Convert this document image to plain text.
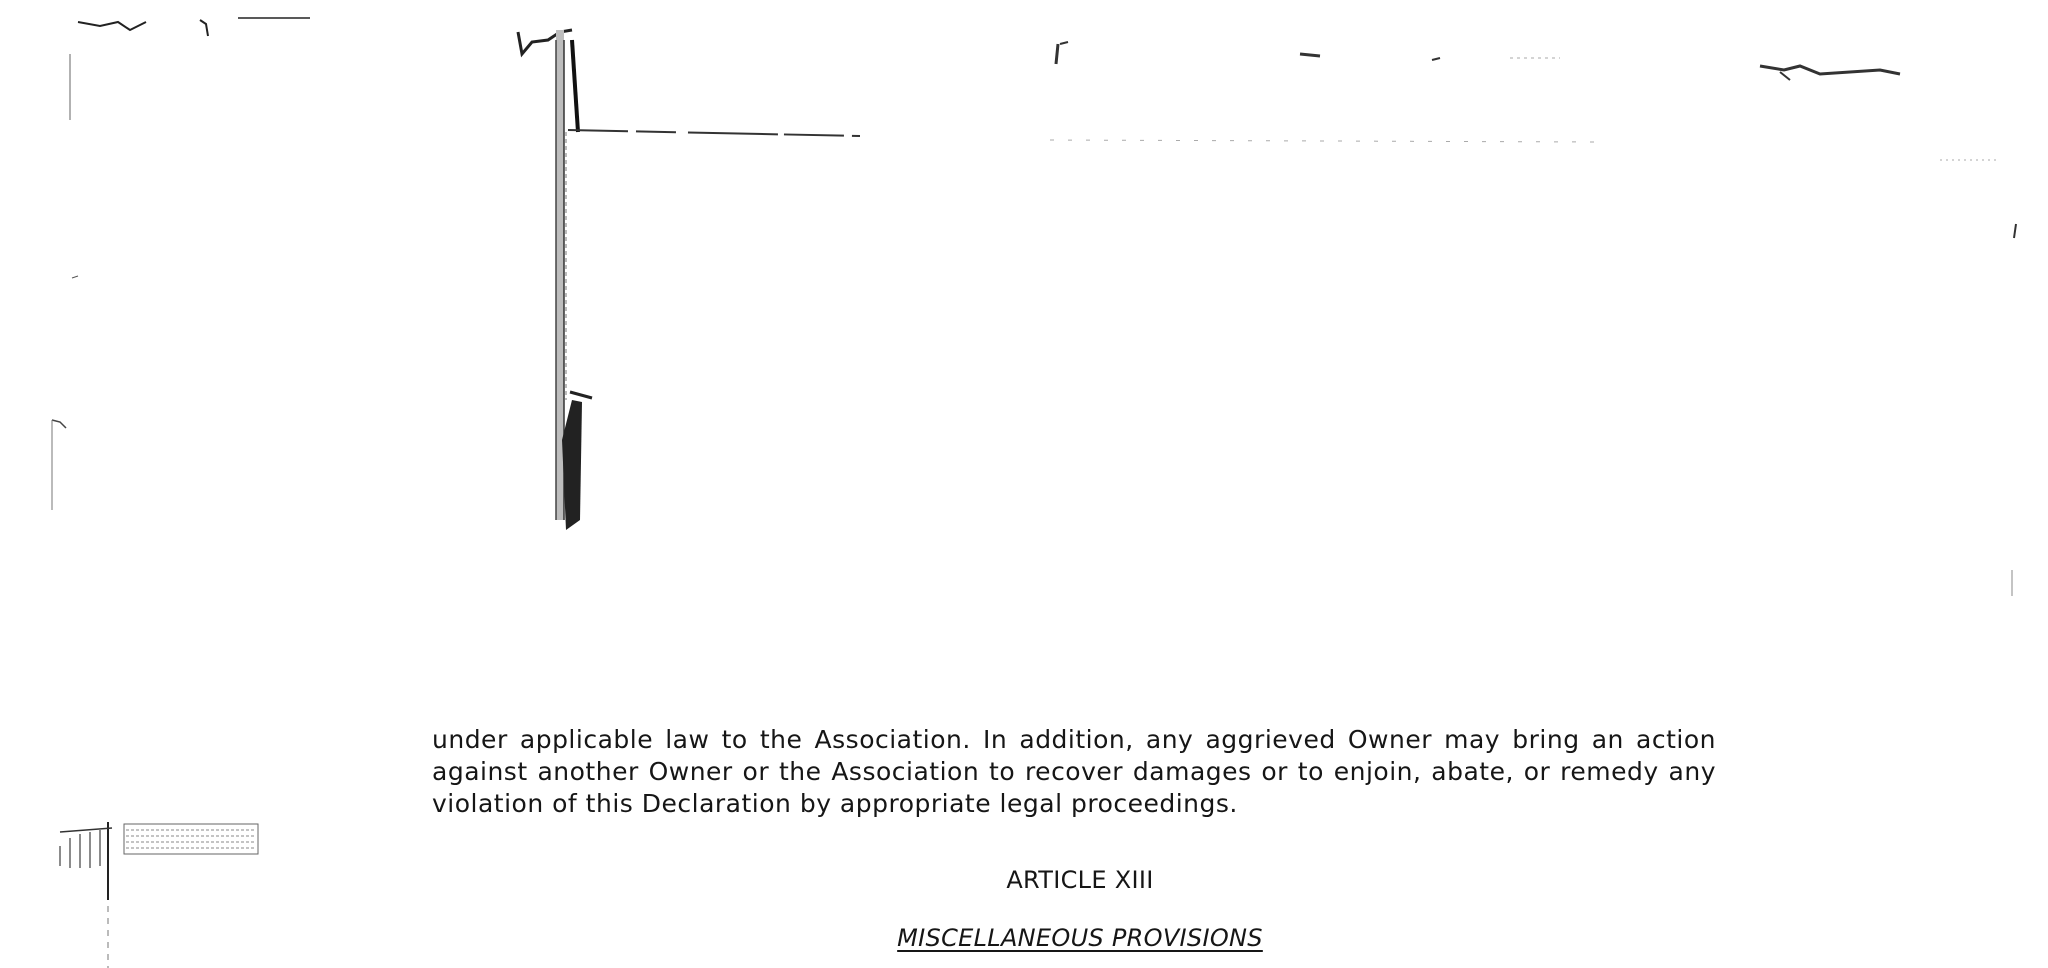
under applicable law to the Association. In addition, any aggrieved Owner may bring an action against another Owner or the Association to recover damages or to enjoin, abate, or remedy any violation of this Declaration by appropriate legal proceedings.
ARTICLE XIII
MISCELLANEOUS PROVISIONS
